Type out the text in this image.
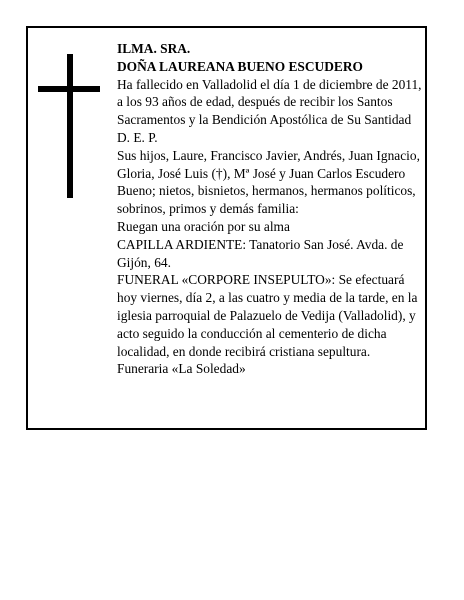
ILMA. SRA.

DOÑA LAUREANA BUENO ESCUDERO

Ha fallecido en Valladolid el día 1 de diciembre de 2011, a los 93 años de edad, después de recibir los Santos Sacramentos y la Bendición Apostólica de Su Santidad

D. E. P.

Sus hijos, Laure, Francisco Javier, Andrés, Juan Ignacio, Gloria, José Luis (†), Mª José y Juan Carlos Escudero Bueno; nietos, bisnietos, hermanos, hermanos políticos, sobrinos, primos y demás familia:

Ruegan una oración por su alma

CAPILLA ARDIENTE: Tanatorio San José. Avda. de Gijón, 64.

FUNERAL «CORPORE INSEPULTO»: Se efectuará hoy viernes, día 2, a las cuatro y media de la tarde, en la iglesia parroquial de Palazuelo de Vedija (Valladolid), y acto seguido la conducción al cementerio de dicha localidad, en donde recibirá cristiana sepultura.

Funeraria «La Soledad»
